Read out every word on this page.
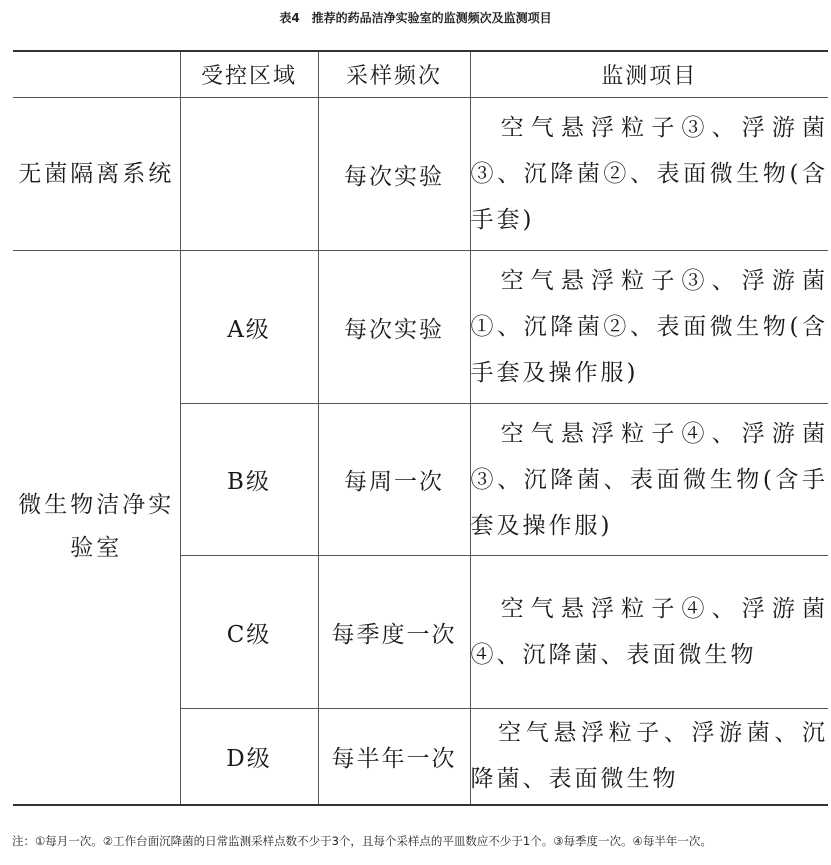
表4　推荐的药品洁净实验室的监测频次及监测项目
	受控区域	采样频次	监测项目
无菌隔离系统		每次实验	空气悬浮粒子③、浮游菌③、沉降菌②、表面微生物(含手套)
微生物洁净实验室	A级	每次实验	空气悬浮粒子③、浮游菌①、沉降菌②、表面微生物(含手套及操作服)
	B级	每周一次	空气悬浮粒子④、浮游菌③、沉降菌、表面微生物(含手套及操作服)
	C级	每季度一次	空气悬浮粒子④、浮游菌④、沉降菌、表面微生物
	D级	每半年一次	空气悬浮粒子、浮游菌、沉降菌、表面微生物
注：①每月一次。②工作台面沉降菌的日常监测采样点数不少于3个，且每个采样点的平皿数应不少于1个。③每季度一次。④每半年一次。
